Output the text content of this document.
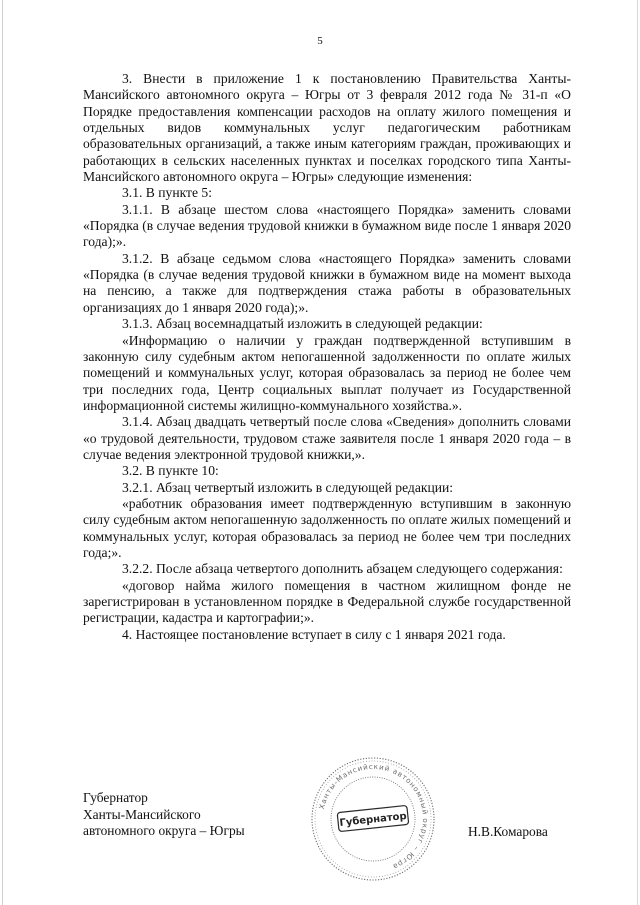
5

3. Внести в приложение 1 к постановлению Правительства Ханты-Мансийского автономного округа – Югры от 3 февраля 2012 года № 31-п «О Порядке предоставления компенсации расходов на оплату жилого помещения и отдельных видов коммунальных услуг педагогическим работникам образовательных организаций, а также иным категориям граждан, проживающих и работающих в сельских населенных пунктах и поселках городского типа Ханты-Мансийского автономного округа – Югры» следующие изменения:

3.1. В пункте 5:

3.1.1. В абзаце шестом слова «настоящего Порядка» заменить словами «Порядка (в случае ведения трудовой книжки в бумажном виде после 1 января 2020 года);».

3.1.2. В абзаце седьмом слова «настоящего Порядка» заменить словами «Порядка (в случае ведения трудовой книжки в бумажном виде на момент выхода на пенсию, а также для подтверждения стажа работы в образовательных организациях до 1 января 2020 года);».

3.1.3. Абзац восемнадцатый изложить в следующей редакции:

«Информацию о наличии у граждан подтвержденной вступившим в законную силу судебным актом непогашенной задолженности по оплате жилых помещений и коммунальных услуг, которая образовалась за период не более чем три последних года, Центр социальных выплат получает из Государственной информационной системы жилищно-коммунального хозяйства.».

3.1.4. Абзац двадцать четвертый после слова «Сведения» дополнить словами «о трудовой деятельности, трудовом стаже заявителя после 1 января 2020 года – в случае ведения электронной трудовой книжки,».

3.2. В пункте 10:

3.2.1. Абзац четвертый изложить в следующей редакции:

«работник образования имеет подтвержденную вступившим в законную силу судебным актом непогашенную задолженность по оплате жилых помещений и коммунальных услуг, которая образовалась за период не более чем три последних года;».

3.2.2. После абзаца четвертого дополнить абзацем следующего содержания:

«договор найма жилого помещения в частном жилищном фонде не зарегистрирован в установленном порядке в Федеральной службе государственной регистрации, кадастра и картографии;».

4. Настоящее постановление вступает в силу с 1 января 2021 года.

Губернатор
Ханты-Мансийского
автономного округа – Югры	Н.В.Комарова
Ханты-Мансийский автономный округ – Югра
Губернатор
